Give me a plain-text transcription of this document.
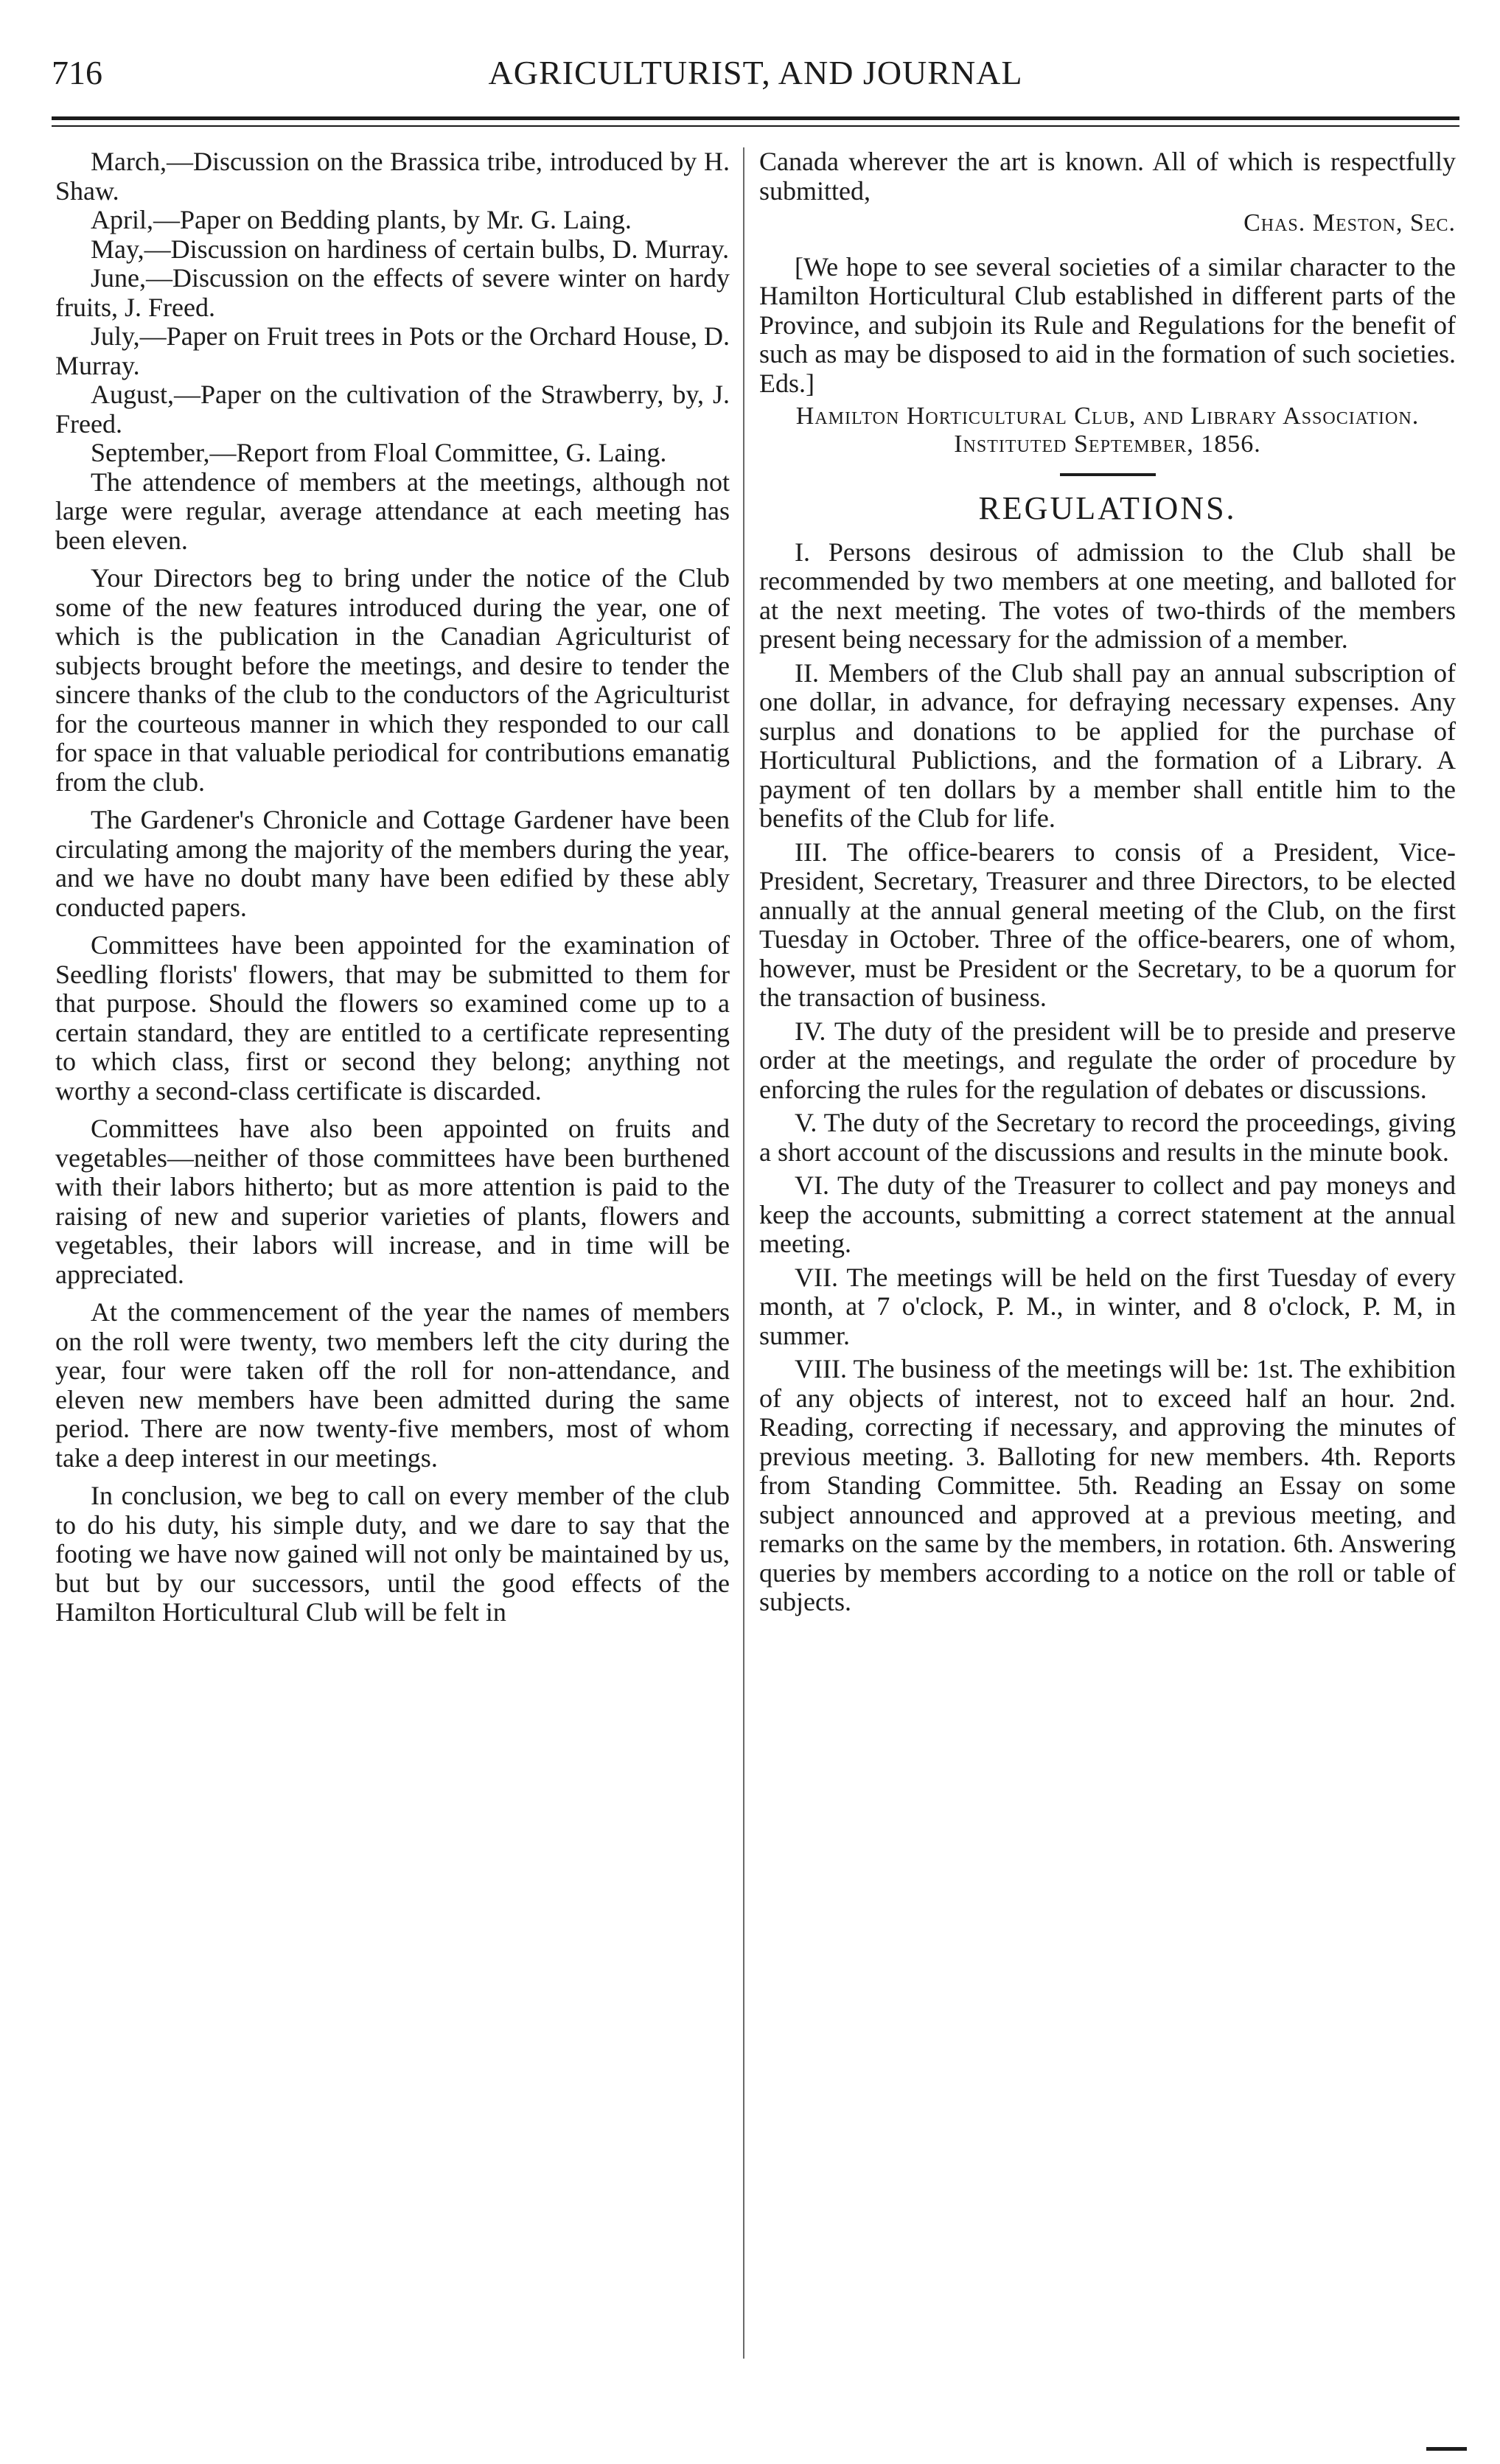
716	AGRICULTURIST, AND JOURNAL

March,—Discussion on the Brassica tribe, introduced by H. Shaw.

April,—Paper on Bedding plants, by Mr. G. Laing.

May,—Discussion on hardiness of certain bulbs, D. Murray.

June,—Discussion on the effects of severe winter on hardy fruits, J. Freed.

July,—Paper on Fruit trees in Pots or the Orchard House, D. Murray.

August,—Paper on the cultivation of the Strawberry, by, J. Freed.

September,—Report from Floal Committee, G. Laing.

The attendence of members at the meetings, although not large were regular, average attendance at each meeting has been eleven.

Your Directors beg to bring under the notice of the Club some of the new features introduced during the year, one of which is the publication in the Canadian Agriculturist of subjects brought before the meetings, and desire to tender the sincere thanks of the club to the conductors of the Agriculturist for the courteous manner in which they responded to our call for space in that valuable periodical for contributions emanatig from the club.

The Gardener's Chronicle and Cottage Gardener have been circulating among the majority of the members during the year, and we have no doubt many have been edified by these ably conducted papers.

Committees have been appointed for the examination of Seedling florists' flowers, that may be submitted to them for that purpose. Should the flowers so examined come up to a certain standard, they are entitled to a certificate representing to which class, first or second they belong; anything not worthy a second-class certificate is discarded.

Committees have also been appointed on fruits and vegetables—neither of those committees have been burthened with their labors hitherto; but as more attention is paid to the raising of new and superior varieties of plants, flowers and vegetables, their labors will increase, and in time will be appreciated.

At the commencement of the year the names of members on the roll were twenty, two members left the city during the year, four were taken off the roll for non-attendance, and eleven new members have been admitted during the same period. There are now twenty-five members, most of whom take a deep interest in our meetings.

In conclusion, we beg to call on every member of the club to do his duty, his simple duty, and we dare to say that the footing we have now gained will not only be maintained by us, but but by our successors, until the good effects of the Hamilton Horticultural Club will be felt in

Canada wherever the art is known. All of which is respectfully submitted,

Chas. Meston, Sec.

[We hope to see several societies of a similar character to the Hamilton Horticultural Club established in different parts of the Province, and subjoin its Rule and Regulations for the benefit of such as may be disposed to aid in the formation of such societies. Eds.]

Hamilton Horticultural Club, and Library Association. Instituted September, 1856.
REGULATIONS.

I. Persons desirous of admission to the Club shall be recommended by two members at one meeting, and balloted for at the next meeting. The votes of two-thirds of the members present being necessary for the admission of a member.

II. Members of the Club shall pay an annual subscription of one dollar, in advance, for defraying necessary expenses. Any surplus and donations to be applied for the purchase of Horticultural Publictions, and the formation of a Library. A payment of ten dollars by a member shall entitle him to the benefits of the Club for life.

III. The office-bearers to consis of a President, Vice-President, Secretary, Treasurer and three Directors, to be elected annually at the annual general meeting of the Club, on the first Tuesday in October. Three of the office-bearers, one of whom, however, must be President or the Secretary, to be a quorum for the transaction of business.

IV. The duty of the president will be to preside and preserve order at the meetings, and regulate the order of procedure by enforcing the rules for the regulation of debates or discussions.

V. The duty of the Secretary to record the proceedings, giving a short account of the discussions and results in the minute book.

VI. The duty of the Treasurer to collect and pay moneys and keep the accounts, submitting a correct statement at the annual meeting.

VII. The meetings will be held on the first Tuesday of every month, at 7 o'clock, P. M., in winter, and 8 o'clock, P. M, in summer.

VIII. The business of the meetings will be: 1st. The exhibition of any objects of interest, not to exceed half an hour. 2nd. Reading, correcting if necessary, and approving the minutes of previous meeting. 3. Balloting for new members. 4th. Reports from Standing Committee. 5th. Reading an Essay on some subject announced and approved at a previous meeting, and remarks on the same by the members, in rotation. 6th. Answering queries by members according to a notice on the roll or table of subjects.
